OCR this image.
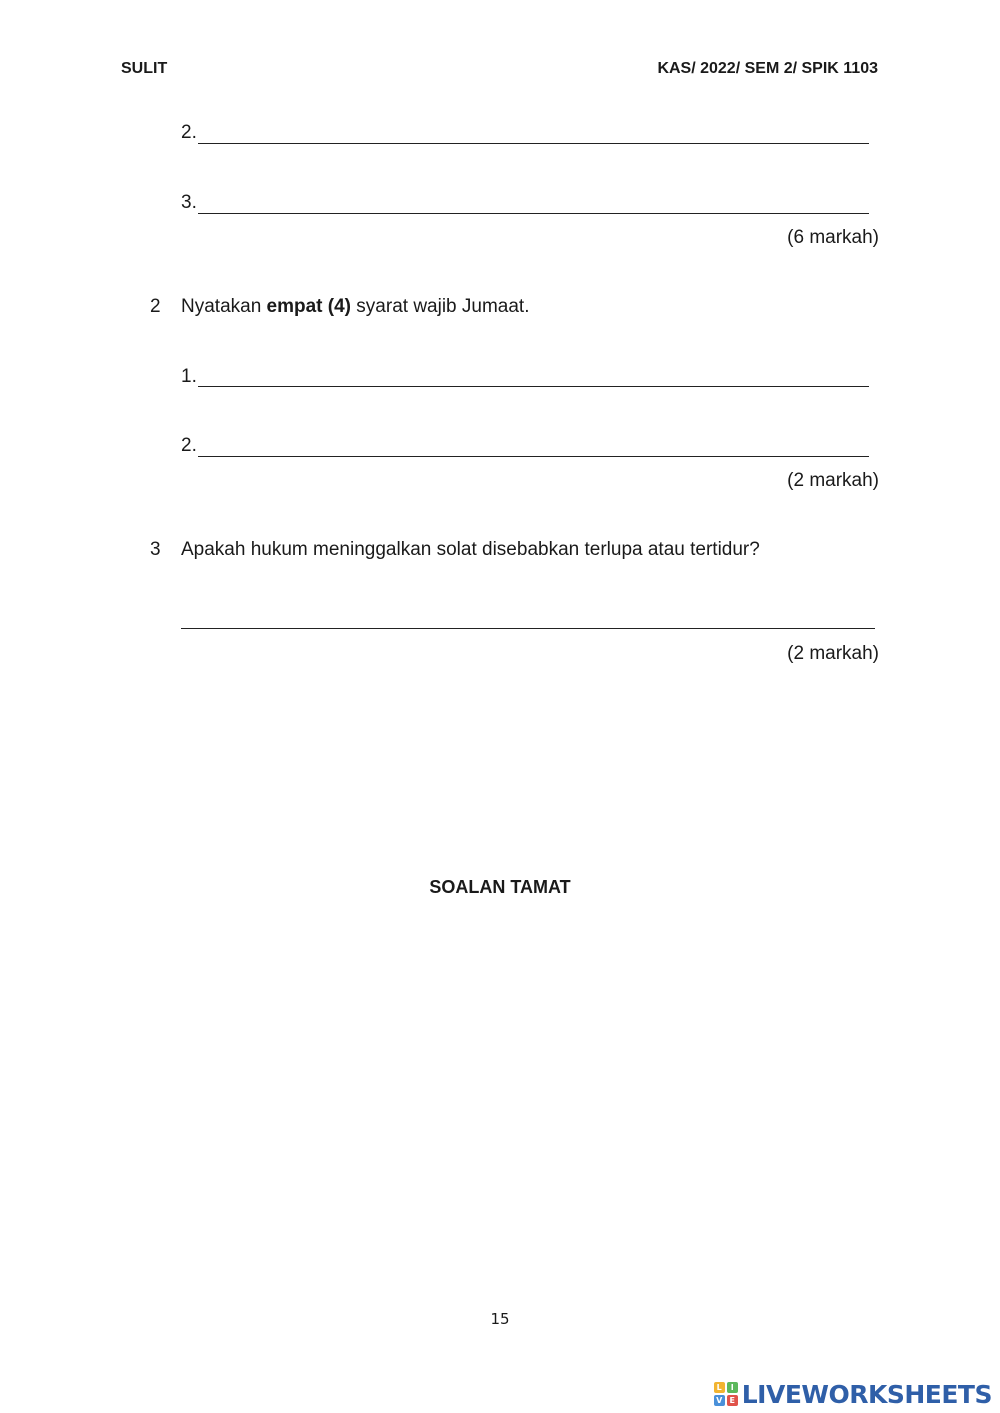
SULIT	KAS/ 2022/ SEM 2/ SPIK 1103
2.
3.
(6 markah)
2 Nyatakan empat (4) syarat wajib Jumaat.
1.
2.
(2 markah)
3 Apakah hukum meninggalkan solat disebabkan terlupa atau tertidur?
(2 markah)
SOALAN TAMAT
15
L	I
V E LIVEWORKSHEETS
